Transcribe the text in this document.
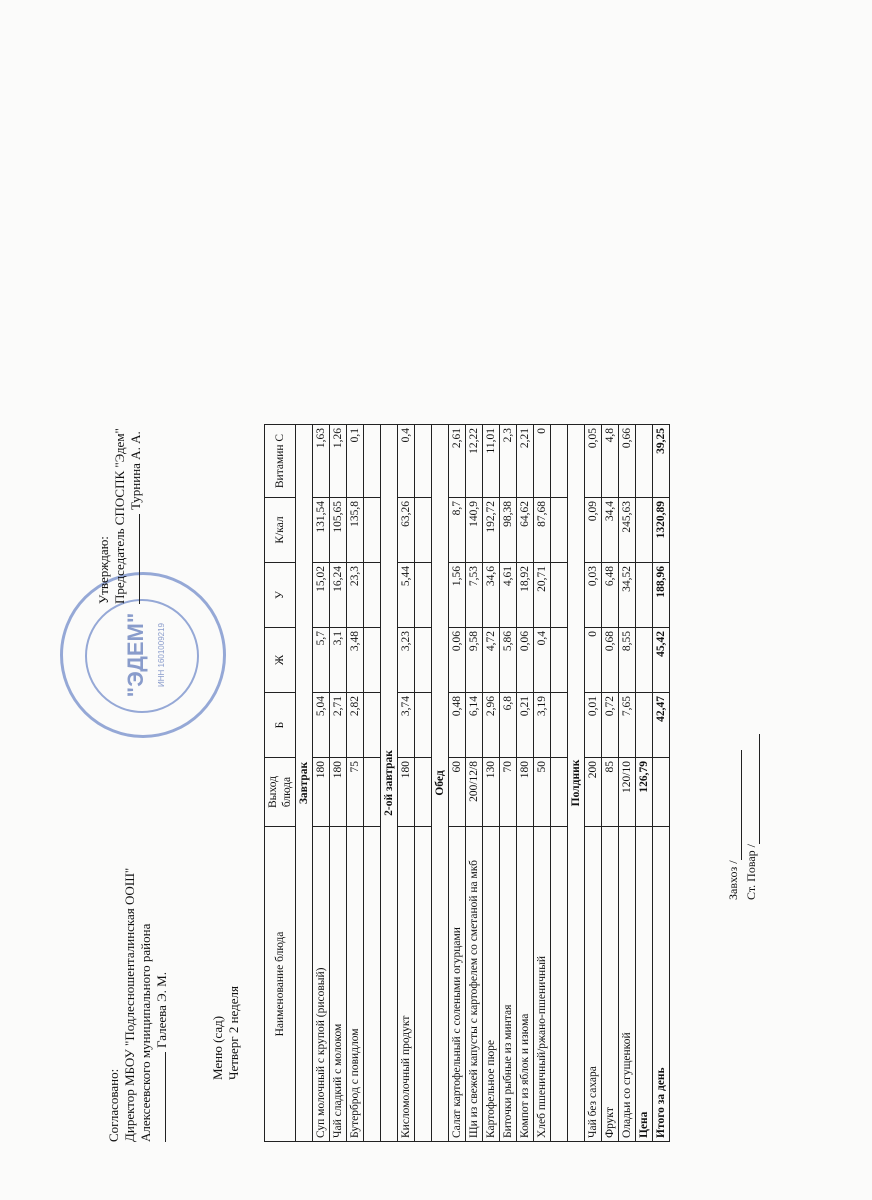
Согласовано: Директор МБОУ "Подлесношенталинская ООШ" Алексеевского муниципального района Галеева Э. М.
"ЭДЕМ" ИНН 1601009219
Утверждаю: Председатель СПОСПК "Эдем" Турнина А. А.
Меню (сад) Четверг 2 неделя	Наименование блюда	Выход блюда	Б	Ж	У	К/кал	Витамин С
Завтрак						
Суп молочный с крупой (рисовый)	180	5,04	5,7	15,02	131,54	1,63
Чай сладкий с молоком	180	2,71	3,1	16,24	105,65	1,26
Бутерброд с повидлом	75	2,82	3,48	23,3	135,8	0,1

2-ой завтрак						
Кисломолочный продукт	180	3,74	3,23	5,44	63,26	0,4

Обед						
Салат картофельный с солеными огурцами	60	0,48	0,06	1,56	8,7	2,61
Щи из свежей капусты с картофелем со сметаной на мкб	200/12/8	6,14	9,58	7,53	140,9	12,22
Картофельное пюре	130	2,96	4,72	34,6	192,72	11,01
Биточки рыбные из минтая	70	6,8	5,86	4,61	98,38	2,3
Компот из яблок и изюма	180	0,21	0,06	18,92	64,62	2,21
Хлеб пшеничный/ржано-пшеничный	50	3,19	0,4	20,71	87,68	0

Полдник						
Чай без сахара	200	0,01	0	0,03	0,09	0,05
Фрукт	85	0,72	0,68	6,48	34,4	4,8
Оладьи со сгущенкой	120/10	7,65	8,55	34,52	245,63	0,66
Цена	126,79					
Итого за день		42,47	45,42	188,96	1320,89	39,25
Завхоз / Ст. Повар /
